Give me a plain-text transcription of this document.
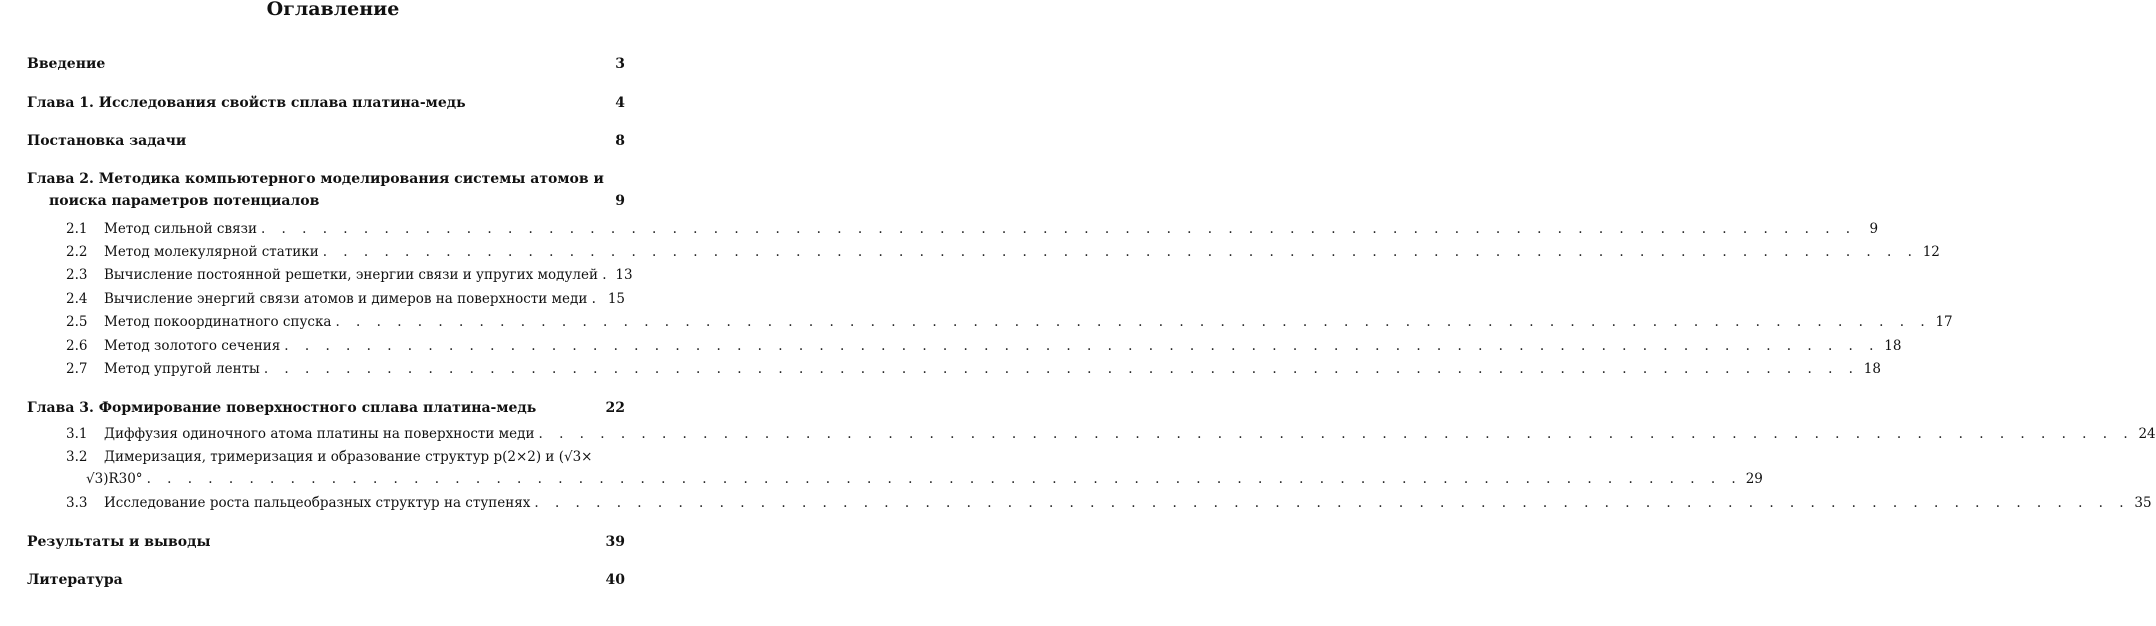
Оглавление
Введение	3
Глава 1. Исследования свойств сплава платина-медь	4
Постановка задачи	8
Глава 2. Методика компьютерного моделирования системы атомов и
поиска параметров потенциалов	9
2.1	Метод сильной связи . . . . . . . . . . . . . . . . . . . . . . . . . . . . . . . . . . . . . . . . . . . . . . . . . . . . . . . . . . . . . . . . . . . . . . . . . . . . . . 9
2.2	Метод молекулярной статики . . . . . . . . . . . . . . . . . . . . . . . . . . . . . . . . . . . . . . . . . . . . . . . . . . . . . . . . . . . . . . . . . . . . . . . . . . . . . . 12
2.3	Вычисление постоянной решетки, энергии связи и упругих модулей . 13
2.4	Вычисление энергий связи атомов и димеров на поверхности меди . 15
2.5	Метод покоординатного спуска . . . . . . . . . . . . . . . . . . . . . . . . . . . . . . . . . . . . . . . . . . . . . . . . . . . . . . . . . . . . . . . . . . . . . . . . . . . . . . 17
2.6	Метод золотого сечения . . . . . . . . . . . . . . . . . . . . . . . . . . . . . . . . . . . . . . . . . . . . . . . . . . . . . . . . . . . . . . . . . . . . . . . . . . . . . . 18
2.7	Метод упругой ленты . . . . . . . . . . . . . . . . . . . . . . . . . . . . . . . . . . . . . . . . . . . . . . . . . . . . . . . . . . . . . . . . . . . . . . . . . . . . . . 18
Глава 3. Формирование поверхностного сплава платина-медь	22
3.1	Диффузия одиночного атома платины на поверхности меди . . . . . . . . . . . . . . . . . . . . . . . . . . . . . . . . . . . . . . . . . . . . . . . . . . . . . . . . . . . . . . . . . . . . . . . . . . . . . . 24
3.2	Димеризация, тримеризация и образование структур p(2×2) и (√3×
√3)R30° . . . . . . . . . . . . . . . . . . . . . . . . . . . . . . . . . . . . . . . . . . . . . . . . . . . . . . . . . . . . . . . . . . . . . . . . . . . . . . 29
3.3	Исследование роста пальцеобразных структур на ступенях . . . . . . . . . . . . . . . . . . . . . . . . . . . . . . . . . . . . . . . . . . . . . . . . . . . . . . . . . . . . . . . . . . . . . . . . . . . . . . 35
Результаты и выводы	39
Литература	40
